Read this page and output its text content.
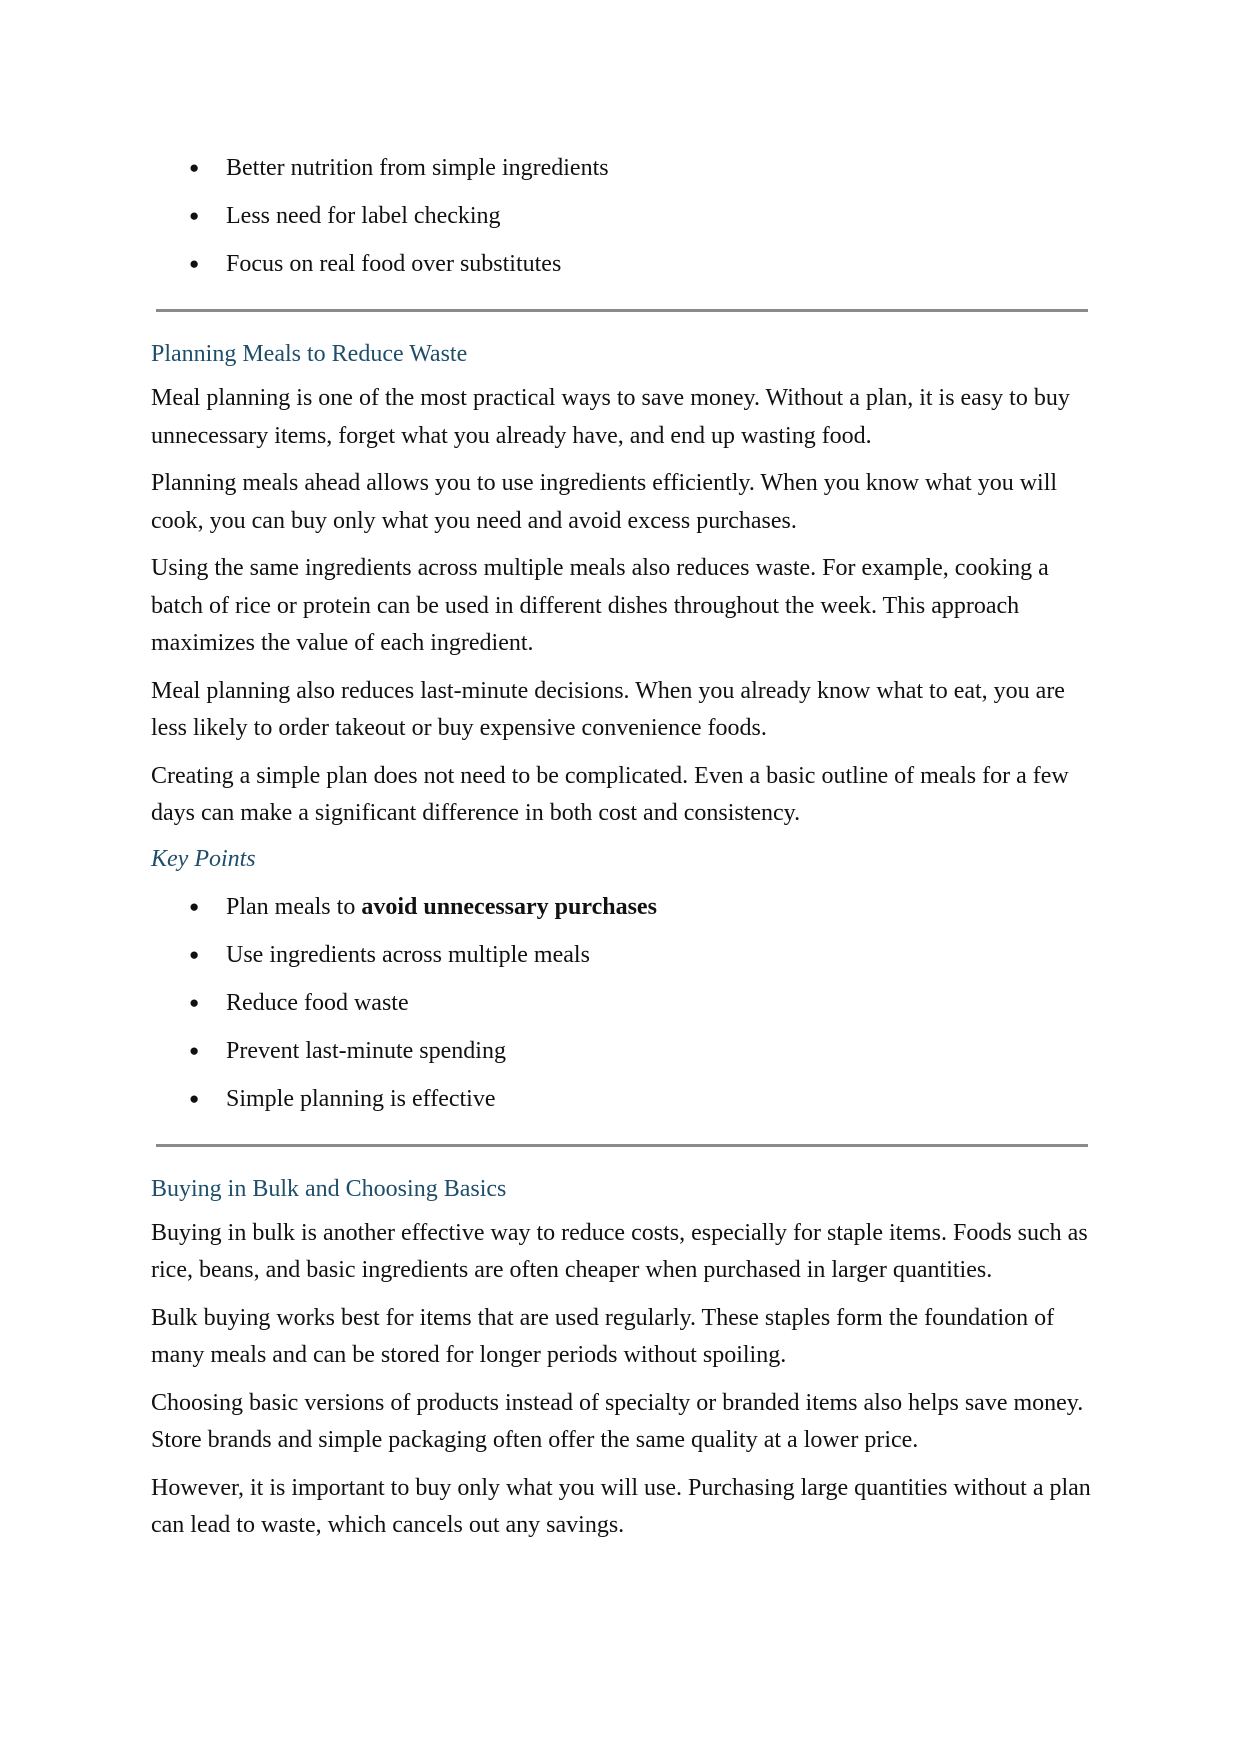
● Better nutrition from simple ingredients
● Less need for label checking
● Focus on real food over substitutes
Planning Meals to Reduce Waste

Meal planning is one of the most practical ways to save money. Without a plan, it is easy to buy unnecessary items, forget what you already have, and end up wasting food.

Planning meals ahead allows you to use ingredients efficiently. When you know what you will cook, you can buy only what you need and avoid excess purchases.

Using the same ingredients across multiple meals also reduces waste. For example, cooking a batch of rice or protein can be used in different dishes throughout the week. This approach maximizes the value of each ingredient.

Meal planning also reduces last-minute decisions. When you already know what to eat, you are less likely to order takeout or buy expensive convenience foods.

Creating a simple plan does not need to be complicated. Even a basic outline of meals for a few days can make a significant difference in both cost and consistency.

Key Points
● Plan meals to avoid unnecessary purchases
● Use ingredients across multiple meals
● Reduce food waste
● Prevent last-minute spending
● Simple planning is effective
Buying in Bulk and Choosing Basics

Buying in bulk is another effective way to reduce costs, especially for staple items. Foods such as rice, beans, and basic ingredients are often cheaper when purchased in larger quantities.

Bulk buying works best for items that are used regularly. These staples form the foundation of many meals and can be stored for longer periods without spoiling.

Choosing basic versions of products instead of specialty or branded items also helps save money. Store brands and simple packaging often offer the same quality at a lower price.

However, it is important to buy only what you will use. Purchasing large quantities without a plan can lead to waste, which cancels out any savings.
